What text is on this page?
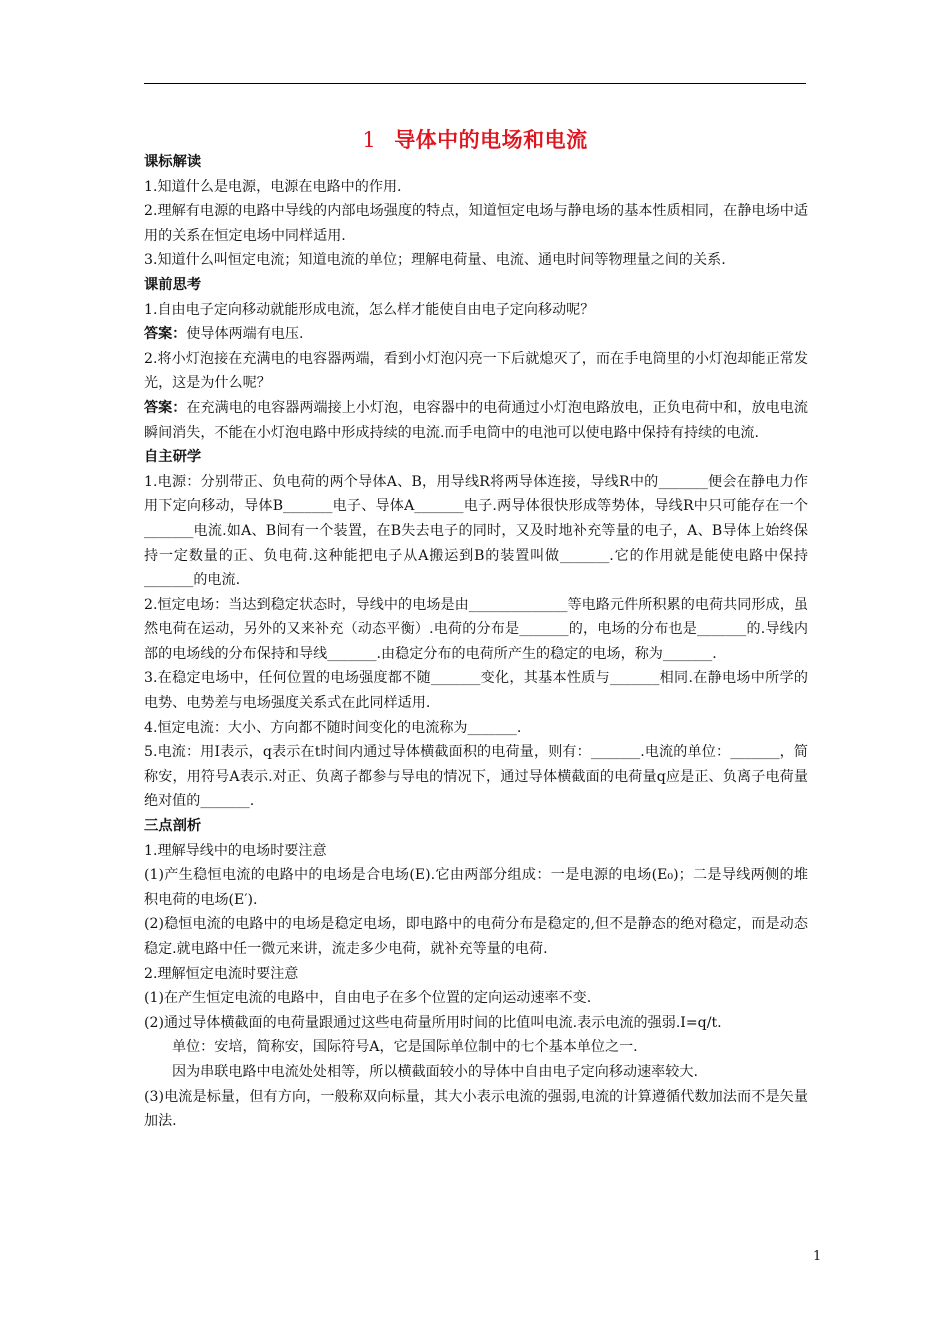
1 导体中的电场和电流

课标解读

1.知道什么是电源，电源在电路中的作用.

2.理解有电源的电路中导线的内部电场强度的特点，知道恒定电场与静电场的基本性质相同，在静电场中适用的关系在恒定电场中同样适用.

3.知道什么叫恒定电流；知道电流的单位；理解电荷量、电流、通电时间等物理量之间的关系.

课前思考

1.自由电子定向移动就能形成电流，怎么样才能使自由电子定向移动呢？

答案：使导体两端有电压.

2.将小灯泡接在充满电的电容器两端，看到小灯泡闪亮一下后就熄灭了，而在手电筒里的小灯泡却能正常发光，这是为什么呢？

答案：在充满电的电容器两端接上小灯泡，电容器中的电荷通过小灯泡电路放电，正负电荷中和，放电电流瞬间消失，不能在小灯泡电路中形成持续的电流.而手电筒中的电池可以使电路中保持有持续的电流.

自主研学

1.电源：分别带正、负电荷的两个导体A、B，用导线R将两导体连接，导线R中的_______便会在静电力作用下定向移动，导体B_______电子、导体A_______电子.两导体很快形成等势体，导线R中只可能存在一个_______电流.如A、B间有一个装置，在B失去电子的同时，又及时地补充等量的电子，A、B导体上始终保持一定数量的正、负电荷.这种能把电子从A搬运到B的装置叫做_______.它的作用就是能使电路中保持_______的电流.

2.恒定电场：当达到稳定状态时，导线中的电场是由______________等电路元件所积累的电荷共同形成，虽然电荷在运动，另外的又来补充（动态平衡）.电荷的分布是_______的，电场的分布也是_______的.导线内部的电场线的分布保持和导线_______.由稳定分布的电荷所产生的稳定的电场，称为_______.

3.在稳定电场中，任何位置的电场强度都不随_______变化，其基本性质与_______相同.在静电场中所学的电势、电势差与电场强度关系式在此同样适用.

4.恒定电流：大小、方向都不随时间变化的电流称为_______.

5.电流：用I表示，q表示在t时间内通过导体横截面积的电荷量，则有：_______.电流的单位：_______，简称安，用符号A表示.对正、负离子都参与导电的情况下，通过导体横截面的电荷量q应是正、负离子电荷量绝对值的_______.

三点剖析

1.理解导线中的电场时要注意

(1)产生稳恒电流的电路中的电场是合电场(E).它由两部分组成：一是电源的电场(E₀)；二是导线两侧的堆积电荷的电场(E′).

(2)稳恒电流的电路中的电场是稳定电场，即电路中的电荷分布是稳定的,但不是静态的绝对稳定，而是动态稳定.就电路中任一微元来讲，流走多少电荷，就补充等量的电荷.

2.理解恒定电流时要注意

(1)在产生恒定电流的电路中，自由电子在多个位置的定向运动速率不变.

(2)通过导体横截面的电荷量跟通过这些电荷量所用时间的比值叫电流.表示电流的强弱.I=q/t.

单位：安培，简称安，国际符号A，它是国际单位制中的七个基本单位之一.

因为串联电路中电流处处相等，所以横截面较小的导体中自由电子定向移动速率较大.

(3)电流是标量，但有方向，一般称双向标量，其大小表示电流的强弱,电流的计算遵循代数加法而不是矢量加法.

1
